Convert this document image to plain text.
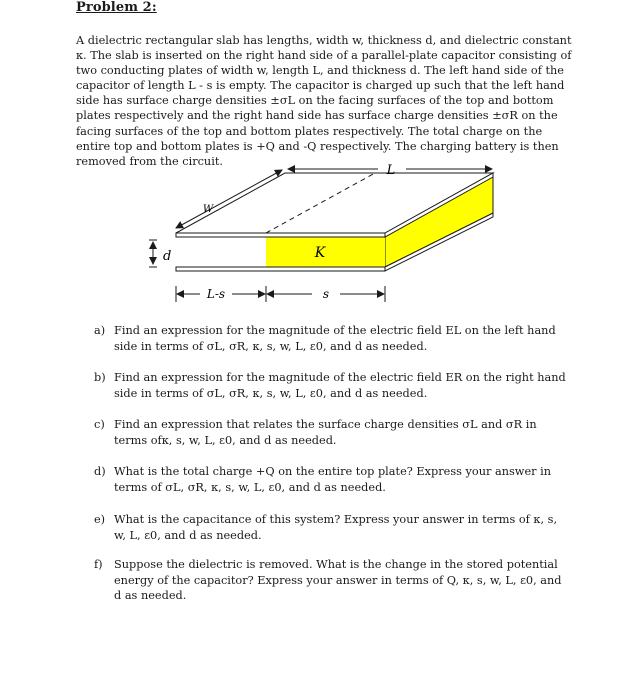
Problem 2:

A dielectric rectangular slab has lengths, width w, thickness d, and dielectric constant κ. The slab is inserted on the right hand side of a parallel-plate capacitor consisting of two conducting plates of width w, length L, and thickness d. The left hand side of the capacitor of length L - s is empty. The capacitor is charged up such that the left hand side has surface charge densities ±σL on the facing surfaces of the top and bottom plates respectively and the right hand side has surface charge densities ±σR on the facing surfaces of the top and bottom plates respectively. The total charge on the entire top and bottom plates is +Q and -Q respectively. The charging battery is then removed from the circuit.

L
W
d	K
L-s	s
a) Find an expression for the magnitude of the electric field EL on the left hand side in terms of σL, σR, κ, s, w, L, ε0, and d as needed.
b) Find an expression for the magnitude of the electric field ER on the right hand side in terms of σL, σR, κ, s, w, L, ε0, and d as needed.
c) Find an expression that relates the surface charge densities σL and σR in terms ofκ, s, w, L, ε0, and d as needed.
d) What is the total charge +Q on the entire top plate? Express your answer in terms of σL, σR, κ, s, w, L, ε0, and d as needed.
e) What is the capacitance of this system? Express your answer in terms of κ, s, w, L, ε0, and d as needed.
f)	Suppose the dielectric is removed. What is the change in the stored potential energy of the capacitor? Express your answer in terms of Q, κ, s, w, L, ε0, and d as needed.
